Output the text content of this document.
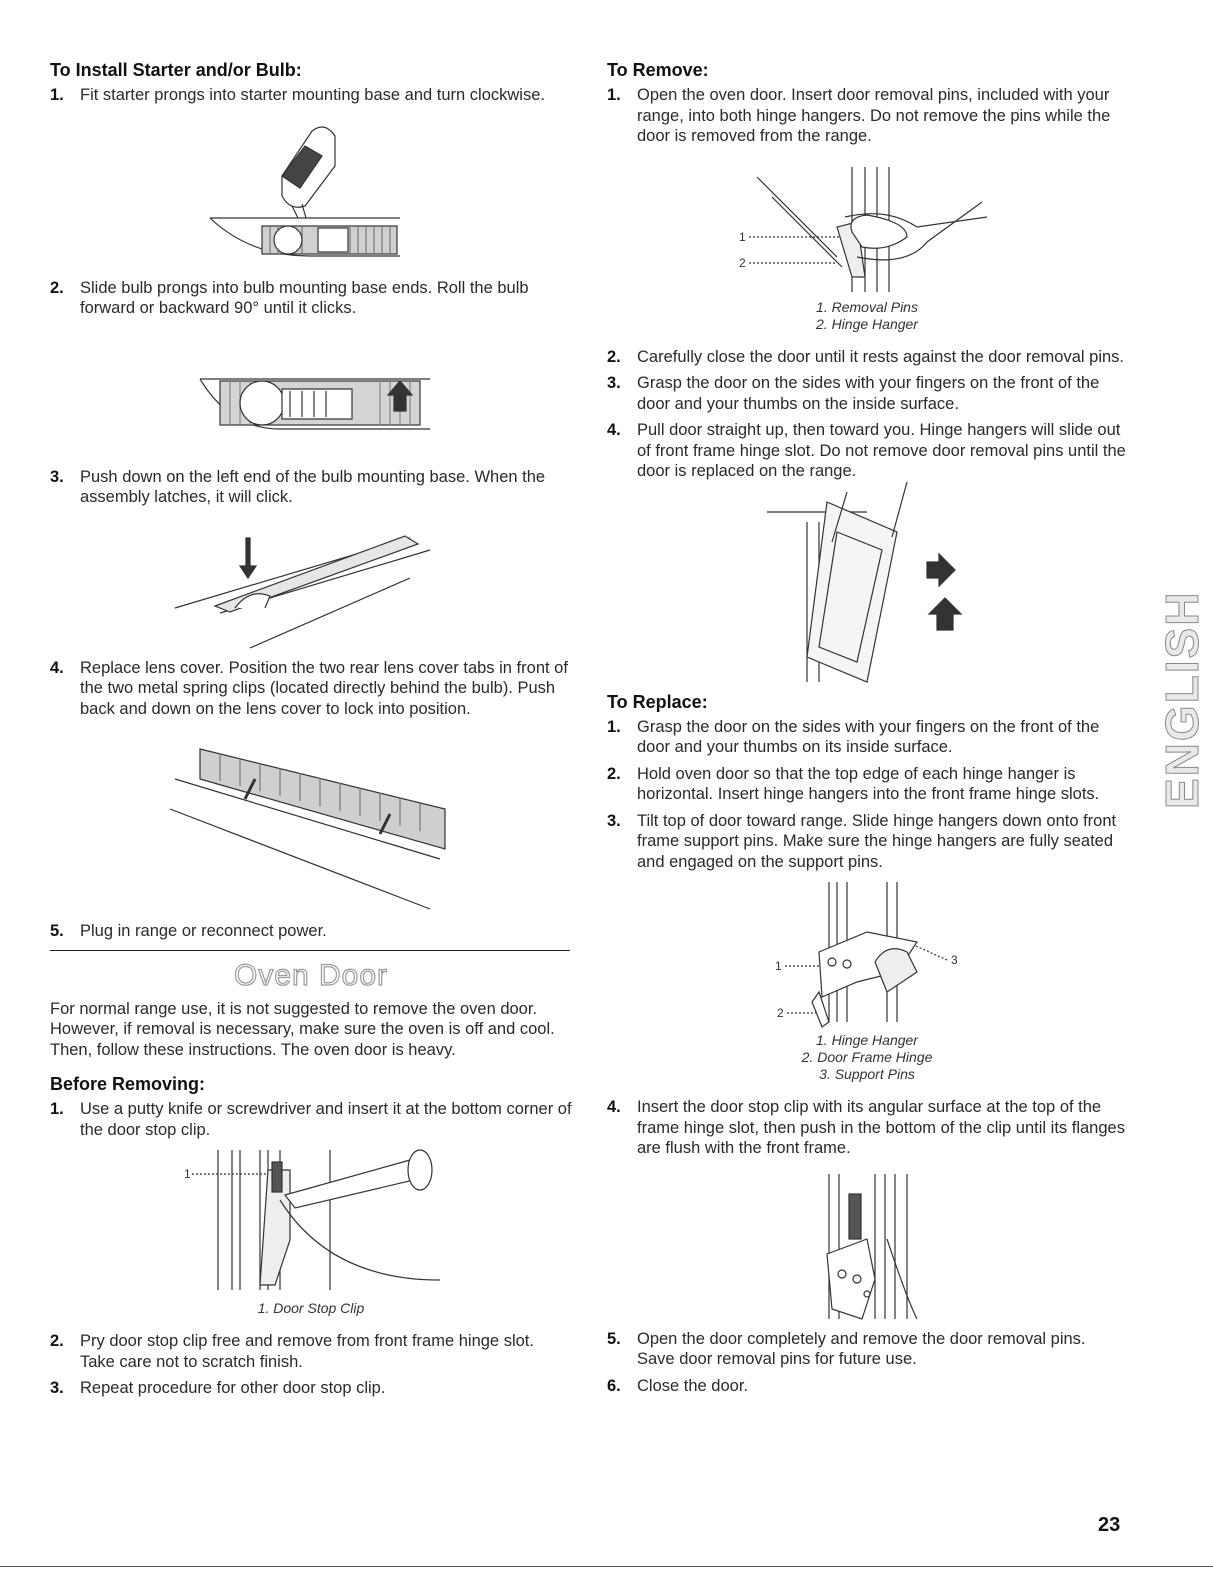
To Install Starter and/or Bulb:
1. Fit starter prongs into starter mounting base and turn clockwise.
2. Slide bulb prongs into bulb mounting base ends. Roll the bulb forward or backward 90° until it clicks.
3. Push down on the left end of the bulb mounting base. When the assembly latches, it will click.
4. Replace lens cover. Position the two rear lens cover tabs in front of the two metal spring clips (located directly behind the bulb). Push back and down on the lens cover to lock into position.
5. Plug in range or reconnect power.
Oven Door
For normal range use, it is not suggested to remove the oven door. However, if removal is necessary, make sure the oven is off and cool. Then, follow these instructions. The oven door is heavy.
Before Removing:
1. Use a putty knife or screwdriver and insert it at the bottom corner of the door stop clip.
1
1. Door Stop Clip
2. Pry door stop clip free and remove from front frame hinge slot. Take care not to scratch finish.
3. Repeat procedure for other door stop clip.
To Remove:
1. Open the oven door. Insert door removal pins, included with your range, into both hinge hangers. Do not remove the pins while the door is removed from the range.
1
2
1. Removal Pins
2. Hinge Hanger
2. Carefully close the door until it rests against the door removal pins.
3. Grasp the door on the sides with your fingers on the front of the door and your thumbs on the inside surface.
4. Pull door straight up, then toward you. Hinge hangers will slide out of front frame hinge slot. Do not remove door removal pins until the door is replaced on the range.
To Replace:
1. Grasp the door on the sides with your fingers on the front of the door and your thumbs on its inside surface.
2. Hold oven door so that the top edge of each hinge hanger is horizontal. Insert hinge hangers into the front frame hinge slots.
3. Tilt top of door toward range. Slide hinge hangers down onto front frame support pins. Make sure the hinge hangers are fully seated and engaged on the support pins.
1
2
3
1. Hinge Hanger
2. Door Frame Hinge
3. Support Pins
4. Insert the door stop clip with its angular surface at the top of the frame hinge slot, then push in the bottom of the clip until its flanges are flush with the front frame.
5. Open the door completely and remove the door removal pins. Save door removal pins for future use.
6. Close the door.
ENGLISH
23
